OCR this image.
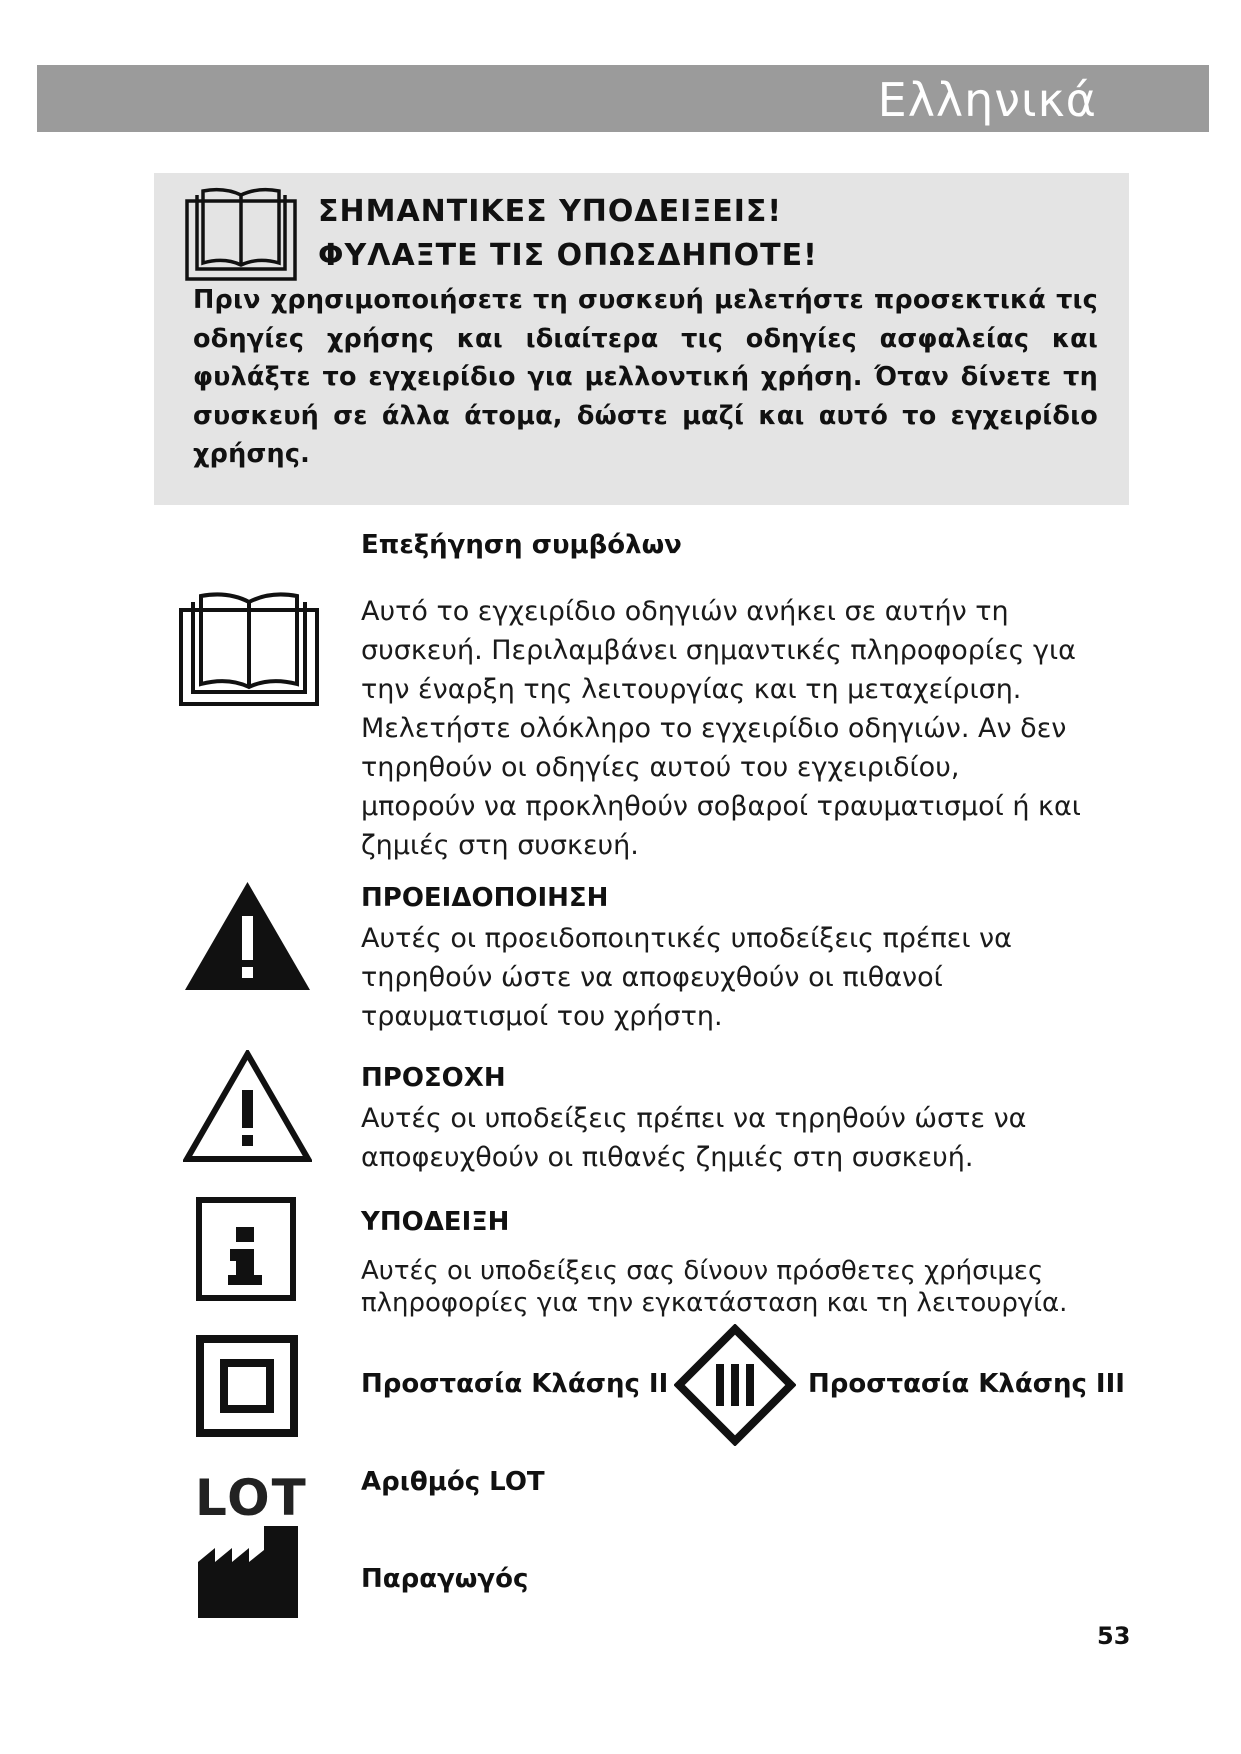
Ελληνικά
ΣΗΜΑΝΤΙΚΕΣ ΥΠΟΔΕΙΞΕΙΣ!
ΦΥΛΑΞΤΕ ΤΙΣ ΟΠΩΣΔΗΠΟΤΕ!
Πριν χρησιμοποιήσετε τη συσκευή μελετήστε προσεκτικά τις οδηγίες χρήσης και ιδιαίτερα τις οδηγίες ασφαλείας και φυλάξτε το εγχειρίδιο για μελλοντική χρήση. Όταν δίνετε τη συσκευή σε άλλα άτομα, δώστε μαζί και αυτό το εγχειρίδιο χρήσης.
Επεξήγηση συμβόλων
Αυτό το εγχειρίδιο οδηγιών ανήκει σε αυτήν τη συσκευή. Περιλαμβάνει σημαντικές πληροφορίες για την έναρξη της λειτουργίας και τη μεταχείριση. Μελετήστε ολόκληρο το εγχειρίδιο οδηγιών. Αν δεν τηρηθούν οι οδηγίες αυτού του εγχειριδίου, μπορούν να προκληθούν σοβαροί τραυματισμοί ή και ζημιές στη συσκευή.
ΠΡΟΕΙΔΟΠΟΙΗΣΗ
Αυτές οι προειδοποιητικές υποδείξεις πρέπει να τηρηθούν ώστε να αποφευχθούν οι πιθανοί τραυματισμοί του χρήστη.
ΠΡΟΣΟΧΗ
Αυτές οι υποδείξεις πρέπει να τηρηθούν ώστε να αποφευχθούν οι πιθανές ζημιές στη συσκευή.
ΥΠΟΔΕΙΞΗ
Αυτές οι υποδείξεις σας δίνουν πρόσθετες χρήσιμες πληροφορίες για την εγκατάσταση και τη λειτουργία.
Προστασία Κλάσης II	Προστασία Κλάσης III
LOT Αριθμός LOT
Παραγωγός
53
